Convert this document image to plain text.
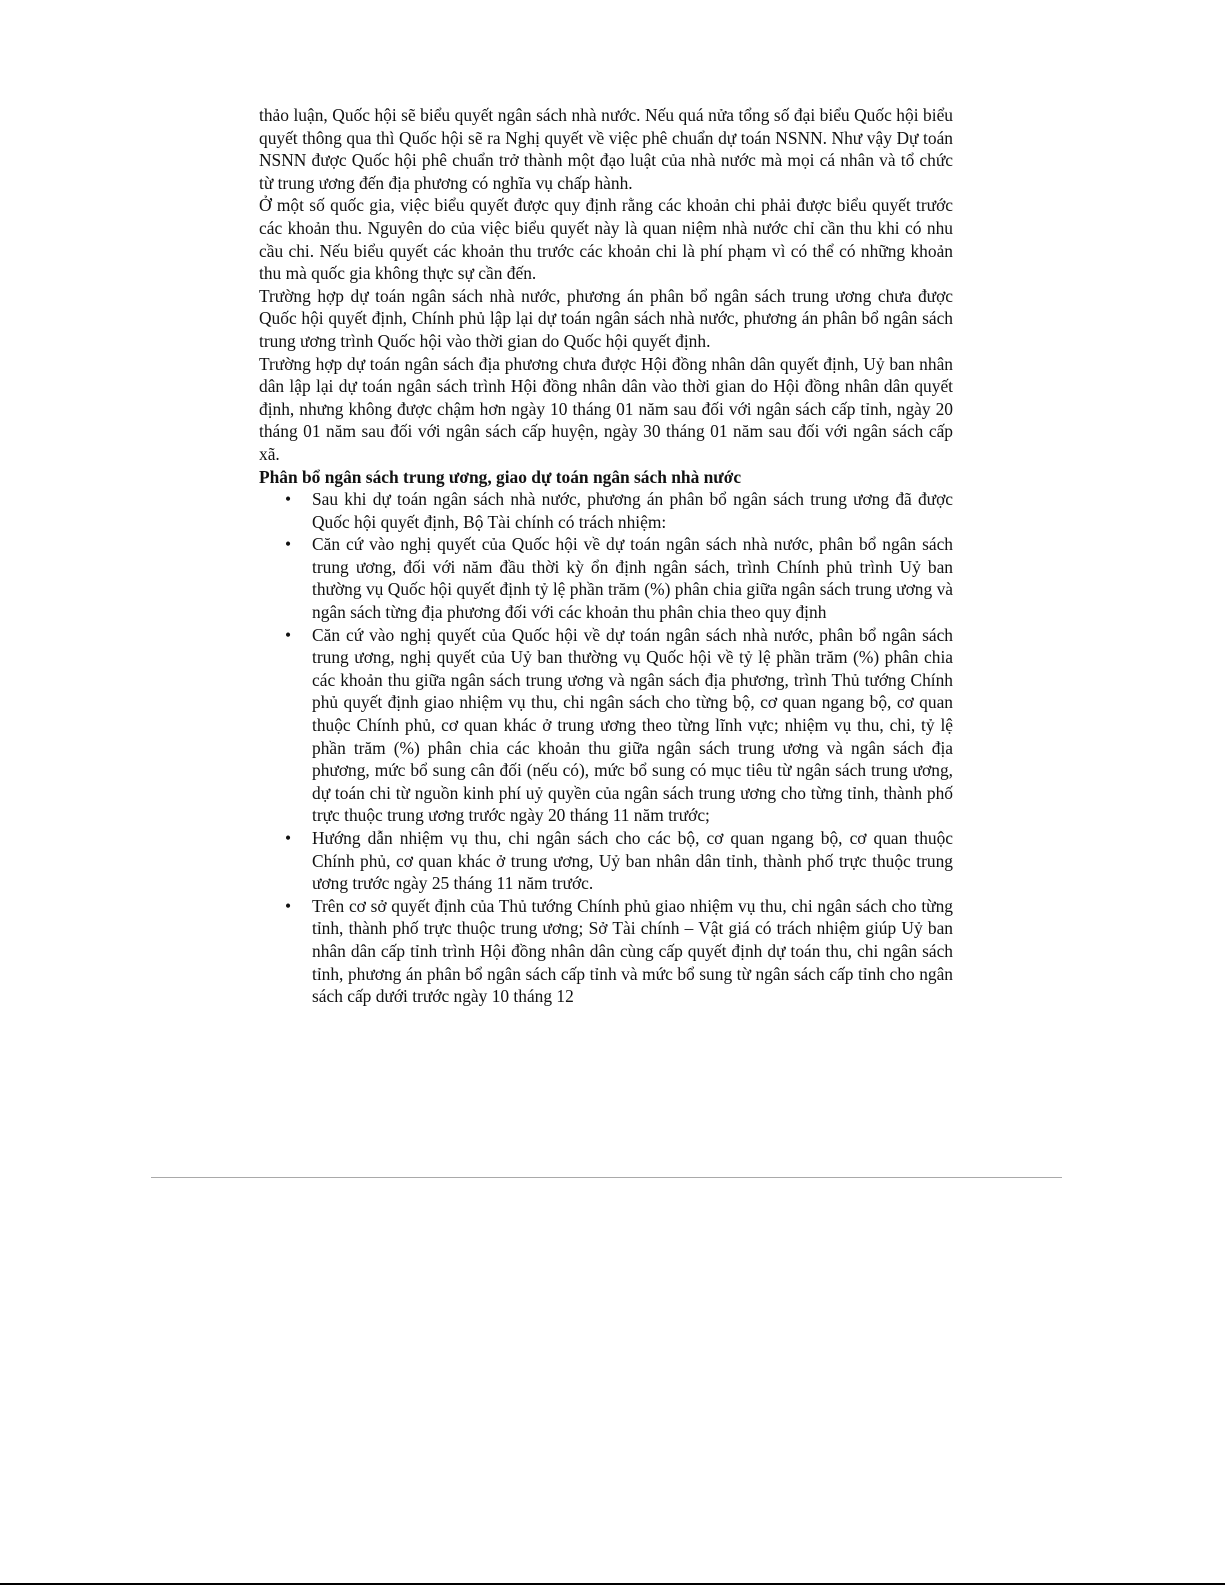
thảo luận, Quốc hội sẽ biểu quyết ngân sách nhà nước. Nếu quá nửa tổng số đại biểu Quốc hội biểu quyết thông qua thì Quốc hội sẽ ra Nghị quyết về việc phê chuẩn dự toán NSNN. Như vậy Dự toán NSNN được Quốc hội phê chuẩn trở thành một đạo luật của nhà nước mà mọi cá nhân và tổ chức từ trung ương đến địa phương có nghĩa vụ chấp hành.

Ở một số quốc gia, việc biểu quyết được quy định rằng các khoản chi phải được biểu quyết trước các khoản thu. Nguyên do của việc biểu quyết này là quan niệm nhà nước chỉ cần thu khi có nhu cầu chi. Nếu biểu quyết các khoản thu trước các khoản chi là phí phạm vì có thể có những khoản thu mà quốc gia không thực sự cần đến.

Trường hợp dự toán ngân sách nhà nước, phương án phân bổ ngân sách trung ương chưa được Quốc hội quyết định, Chính phủ lập lại dự toán ngân sách nhà nước, phương án phân bổ ngân sách trung ương trình Quốc hội vào thời gian do Quốc hội quyết định.

Trường hợp dự toán ngân sách địa phương chưa được Hội đồng nhân dân quyết định, Uỷ ban nhân dân lập lại dự toán ngân sách trình Hội đồng nhân dân vào thời gian do Hội đồng nhân dân quyết định, nhưng không được chậm hơn ngày 10 tháng 01 năm sau đối với ngân sách cấp tỉnh, ngày 20 tháng 01 năm sau đối với ngân sách cấp huyện, ngày 30 tháng 01 năm sau đối với ngân sách cấp xã.

Phân bổ ngân sách trung ương, giao dự toán ngân sách nhà nước

• Sau khi dự toán ngân sách nhà nước, phương án phân bổ ngân sách trung ương đã được Quốc hội quyết định, Bộ Tài chính có trách nhiệm:
• Căn cứ vào nghị quyết của Quốc hội về dự toán ngân sách nhà nước, phân bổ ngân sách trung ương, đối với năm đầu thời kỳ ổn định ngân sách, trình Chính phủ trình Uỷ ban thường vụ Quốc hội quyết định tỷ lệ phần trăm (%) phân chia giữa ngân sách trung ương và ngân sách từng địa phương đối với các khoản thu phân chia theo quy định
• Căn cứ vào nghị quyết của Quốc hội về dự toán ngân sách nhà nước, phân bổ ngân sách trung ương, nghị quyết của Uỷ ban thường vụ Quốc hội về tỷ lệ phần trăm (%) phân chia các khoản thu giữa ngân sách trung ương và ngân sách địa phương, trình Thủ tướng Chính phủ quyết định giao nhiệm vụ thu, chi ngân sách cho từng bộ, cơ quan ngang bộ, cơ quan thuộc Chính phủ, cơ quan khác ở trung ương theo từng lĩnh vực; nhiệm vụ thu, chi, tỷ lệ phần trăm (%) phân chia các khoản thu giữa ngân sách trung ương và ngân sách địa phương, mức bổ sung cân đối (nếu có), mức bổ sung có mục tiêu từ ngân sách trung ương, dự toán chi từ nguồn kinh phí uỷ quyền của ngân sách trung ương cho từng tỉnh, thành phố trực thuộc trung ương trước ngày 20 tháng 11 năm trước;
• Hướng dẫn nhiệm vụ thu, chi ngân sách cho các bộ, cơ quan ngang bộ, cơ quan thuộc Chính phủ, cơ quan khác ở trung ương, Uỷ ban nhân dân tỉnh, thành phố trực thuộc trung ương trước ngày 25 tháng 11 năm trước.
• Trên cơ sở quyết định của Thủ tướng Chính phủ giao nhiệm vụ thu, chi ngân sách cho từng tỉnh, thành phố trực thuộc trung ương; Sở Tài chính – Vật giá có trách nhiệm giúp Uỷ ban nhân dân cấp tỉnh trình Hội đồng nhân dân cùng cấp quyết định dự toán thu, chi ngân sách tỉnh, phương án phân bổ ngân sách cấp tỉnh và mức bổ sung từ ngân sách cấp tỉnh cho ngân sách cấp dưới trước ngày 10 tháng 12
